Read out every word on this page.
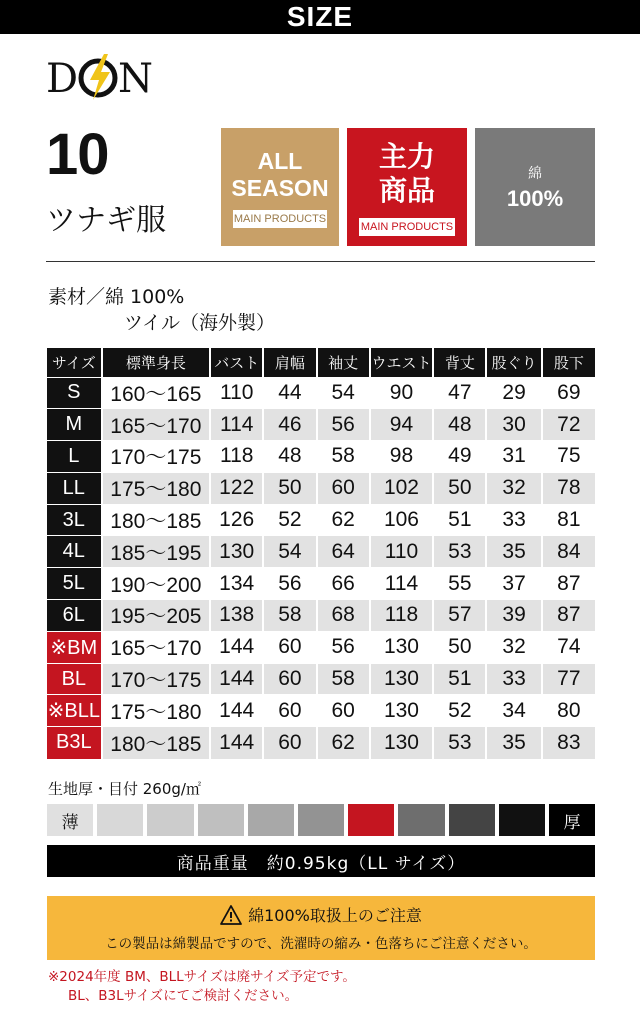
SIZE
D N
10
ツナギ服
ALL
SEASON
MAIN PRODUCTS
主力
商品
MAIN PRODUCTS
綿
100%
素材／綿 100%
ツイル（海外製）
サイズ	標準身長	バスト	肩幅	袖丈	ウエスト	背丈	股ぐり	股下
S	160〜165	110	44	54	90	47	29	69
M	165〜170	114	46	56	94	48	30	72
L	170〜175	118	48	58	98	49	31	75
LL	175〜180	122	50	60	102	50	32	78
3L	180〜185	126	52	62	106	51	33	81
4L	185〜195	130	54	64	110	53	35	84
5L	190〜200	134	56	66	114	55	37	87
6L	195〜205	138	58	68	118	57	39	87
※BM	165〜170	144	60	56	130	50	32	74
BL	170〜175	144	60	58	130	51	33	77
※BLL	175〜180	144	60	60	130	52	34	80
B3L	180〜185	144	60	62	130	53	35	83
生地厚・目付 260g/㎡
薄	厚
商品重量　約0.95kg（LL サイズ）
綿100%取扱上のご注意
この製品は綿製品ですので、洗濯時の縮み・色落ちにご注意ください。
※2024年度 BM、BLLサイズは廃サイズ予定です。
BL、B3Lサイズにてご検討ください。
